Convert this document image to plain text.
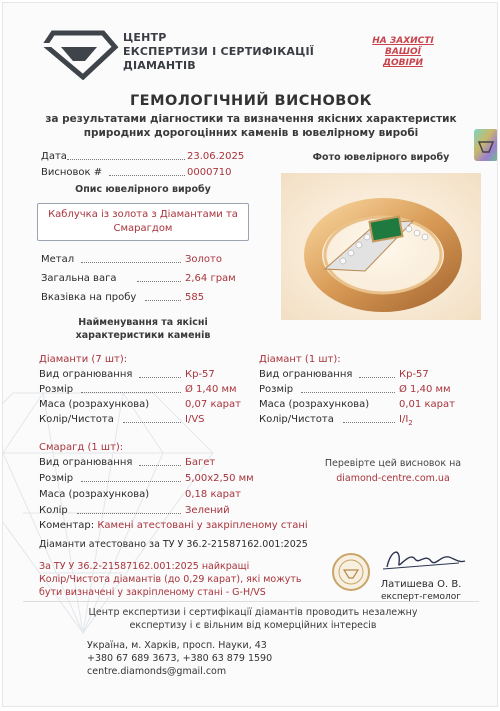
ЦЕНТР
ЕКСПЕРТИЗИ І СЕРТИФІКАЦІЇ
ДІАМАНТІВ
НА ЗАХИСТІ
ВАШОЇ
ДОВІРИ
ГЕМОЛОГІЧНИЙ ВИСНОВОК
за результатами діагностики та визначення якісних характеристик
природних дорогоцінних каменів в ювелірному виробі
Дата	23.06.2025
Висновок #	0000710
Фото ювелірного виробу
Опис ювелірного виробу
Каблучка із золота з Діамантами та
Смарагдом
Метал	Золото
Загальна вага	2,64 грам
Вказівка на пробу	585
Найменування та якісні
характеристики каменів
Діаманти (7 шт):
Вид огранювання	Кр-57
Розмір	Ø 1,40 мм
Маса (розрахункова)	0,07 карат
Колір/Чистота	I/VS
Діамант (1 шт):
Вид огранювання	Кр-57
Розмір	Ø 1,40 мм
Маса (розрахункова)	0,01 карат
Колір/Чистота	$I/I_2$
Смарагд (1 шт):
Вид огранювання	Багет
Розмір	5,00х2,50 мм
Маса (розрахункова)	0,18 карат
Колір	Зелений
Перевірте цей висновок на
diamond-centre.com.ua
Коментар: Камені атестовані у закріпленому стані
Діаманти атестовано за ТУ У 36.2-21587162.001:2025
За ТУ У 36.2-21587162.001:2025 найкращі
Колір/Чистота діамантів (до 0,29 карат), які можуть
бути визначені у закріпленому стані - G-H/VS
Латишева О. В.
експерт-гемолог
Центр експертизи і сертифікації діамантів проводить незалежну
експертизу і є вільним від комерційних інтересів
Україна, м. Харків, просп. Науки, 43
+380 67 689 3673, +380 63 879 1590
centre.diamonds@gmail.com
